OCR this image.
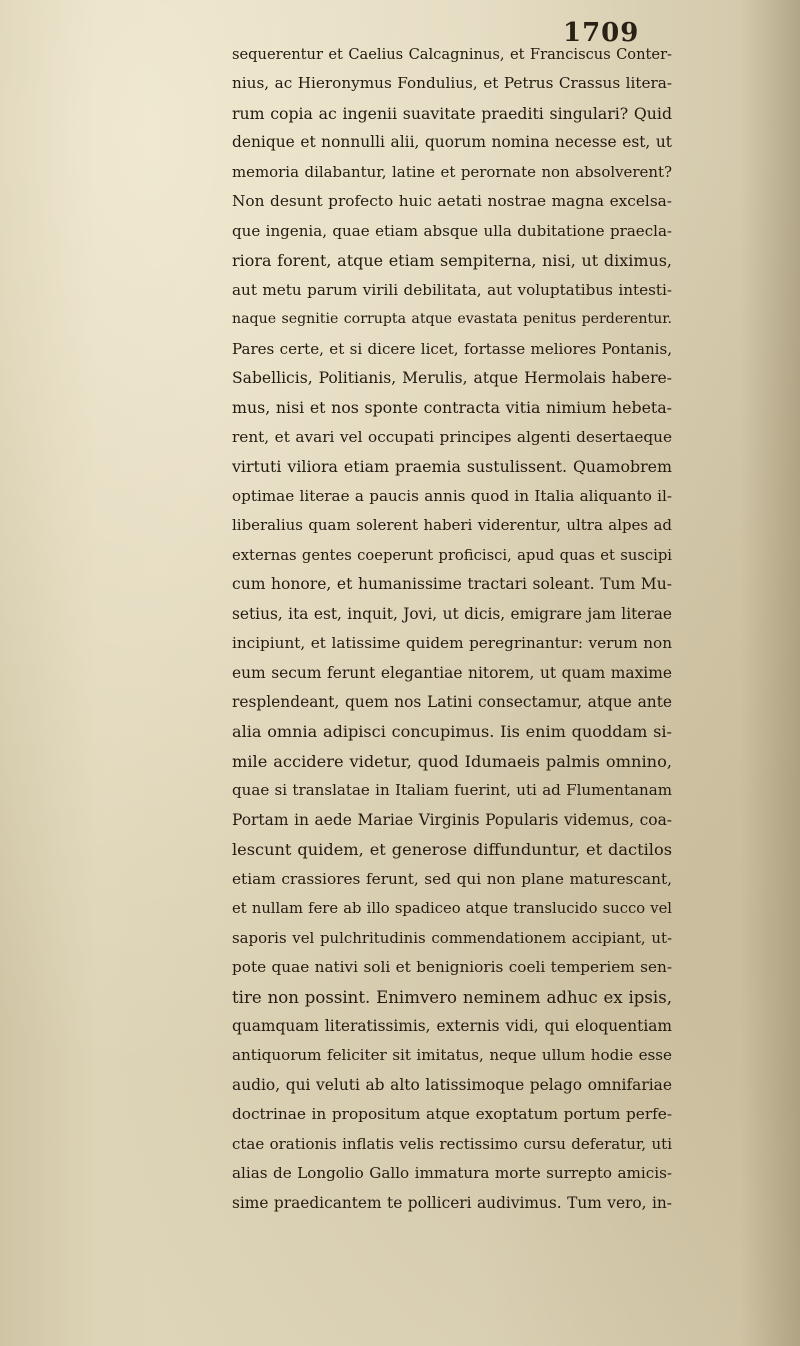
1709
sequerentur et Caelius Calcagninus, et Franciscus Conter-
nius, ac Hieronymus Fondulius, et Petrus Crassus litera-
rum copia ac ingenii suavitate praediti singulari? Quid
denique et nonnulli alii, quorum nomina necesse est, ut
memoria dilabantur, latine et perornate non absolverent?
Non desunt profecto huic aetati nostrae magna excelsa-
que ingenia, quae etiam absque ulla dubitatione praecla-
riora forent, atque etiam sempiterna, nisi, ut diximus,
aut metu parum virili debilitata, aut voluptatibus intesti-
naque segnitie corrupta atque evastata penitus perderentur.
Pares certe, et si dicere licet, fortasse meliores Pontanis,
Sabellicis, Politianis, Merulis, atque Hermolais habere-
mus, nisi et nos sponte contracta vitia nimium hebeta-
rent, et avari vel occupati principes algenti desertaeque
virtuti viliora etiam praemia sustulissent. Quamobrem
optimae literae a paucis annis quod in Italia aliquanto il-
liberalius quam solerent haberi viderentur, ultra alpes ad
externas gentes coeperunt proficisci, apud quas et suscipi
cum honore, et humanissime tractari soleant. Tum Mu-
setius, ita est, inquit, Jovi, ut dicis, emigrare jam literae
incipiunt, et latissime quidem peregrinantur: verum non
eum secum ferunt elegantiae nitorem, ut quam maxime
resplendeant, quem nos Latini consectamur, atque ante
alia omnia adipisci concupimus. Iis enim quoddam si-
mile accidere videtur, quod Idumaeis palmis omnino,
quae si translatae in Italiam fuerint, uti ad Flumentanam
Portam in aede Mariae Virginis Popularis videmus, coa-
lescunt quidem, et generose diffunduntur, et dactilos
etiam crassiores ferunt, sed qui non plane maturescant,
et nullam fere ab illo spadiceo atque translucido succo vel
saporis vel pulchritudinis commendationem accipiant, ut-
pote quae nativi soli et benignioris coeli temperiem sen-
tire non possint. Enimvero neminem adhuc ex ipsis,
quamquam literatissimis, externis vidi, qui eloquentiam
antiquorum feliciter sit imitatus, neque ullum hodie esse
audio, qui veluti ab alto latissimoque pelago omnifariae
doctrinae in propositum atque exoptatum portum perfe-
ctae orationis inflatis velis rectissimo cursu deferatur, uti
alias de Longolio Gallo immatura morte surrepto amicis-
sime praedicantem te polliceri audivimus. Tum vero, in-
